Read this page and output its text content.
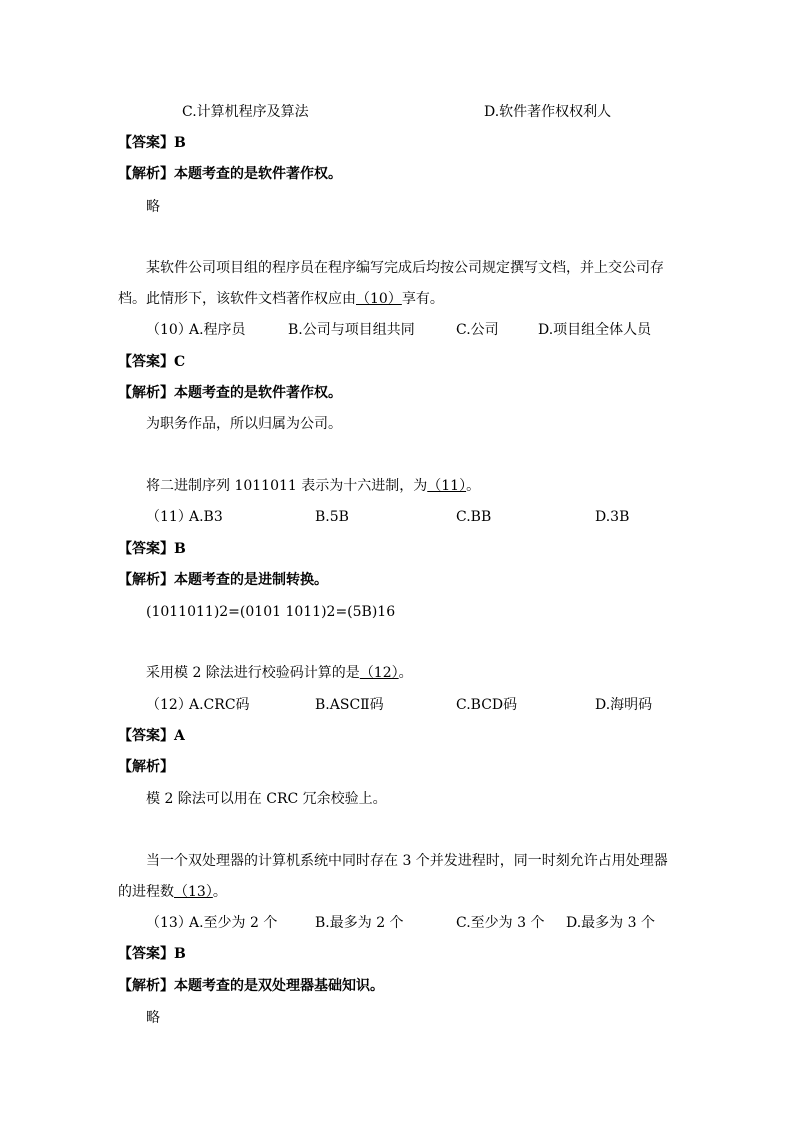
C.计算机程序及算法	D.软件著作权权利人
【答案】B
【解析】本题考查的是软件著作权。
略
某软件公司项目组的程序员在程序编写完成后均按公司规定撰写文档，并上交公司存
档。此情形下，该软件文档著作权应由（10）享有。
（10）
A.程序员	B.公司与项目组共同	C.公司	D.项目组全体人员
【答案】C
【解析】本题考查的是软件著作权。
为职务作品，所以归属为公司。
将二进制序列 1011011 表示为十六进制，为（11）。
（11）
A.B3	B.5B	C.BB	D.3B
【答案】B
【解析】本题考查的是进制转换。
(1011011)2=(0101 1011)2=(5B)16
采用模 2 除法进行校验码计算的是（12）。
（12）
A.CRC码	B.ASCⅡ码	C.BCD码	D.海明码
【答案】A
【解析】
模 2 除法可以用在 CRC 冗余校验上。
当一个双处理器的计算机系统中同时存在 3 个并发进程时，同一时刻允许占用处理器
的进程数（13）。
（13）
A.至少为 2 个	B.最多为 2 个	C.至少为 3 个 D.最多为 3 个
【答案】B
【解析】本题考查的是双处理器基础知识。
略
